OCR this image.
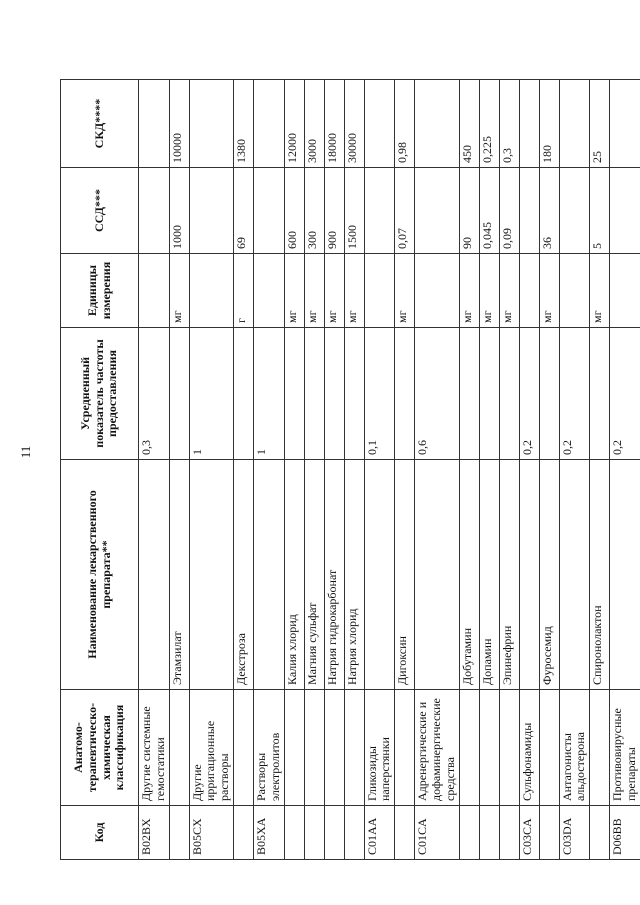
11
Код	Анатомо-терапевтическо-химическая классификация	Наименование лекарственного препарата**	Усредненный показатель частоты предоставления	Единицы измерения	ССД***	СКД****
B02BX	Другие системные гемостатики		0,3			
		Этамзилат		мг	1000	10000
B05CX	Другие ирригационные растворы		1			
		Декстроза		г	69	1380
B05XA	Растворы электролитов		1			
		Калия хлорид		мг	600	12000
		Магния сульфат		мг	300	3000
		Натрия гидрокарбонат		мг	900	18000
		Натрия хлорид		мг	1500	30000
C01AA	Гликозиды наперстянки		0,1			
		Дигоксин		мг	0,07	0,98
C01CA	Адренергические и дофаминергические средства		0,6			
		Добутамин		мг	90	450
		Допамин		мг	0,045	0,225
		Эпинефрин		мг	0,09	0,3
C03CA	Сульфонамиды		0,2			
		Фуросемид		мг	36	180
C03DA	Антагонисты альдостерона		0,2			
		Спиронолактон		мг	5	25
D06BB	Противовирусные препараты		0,2			
